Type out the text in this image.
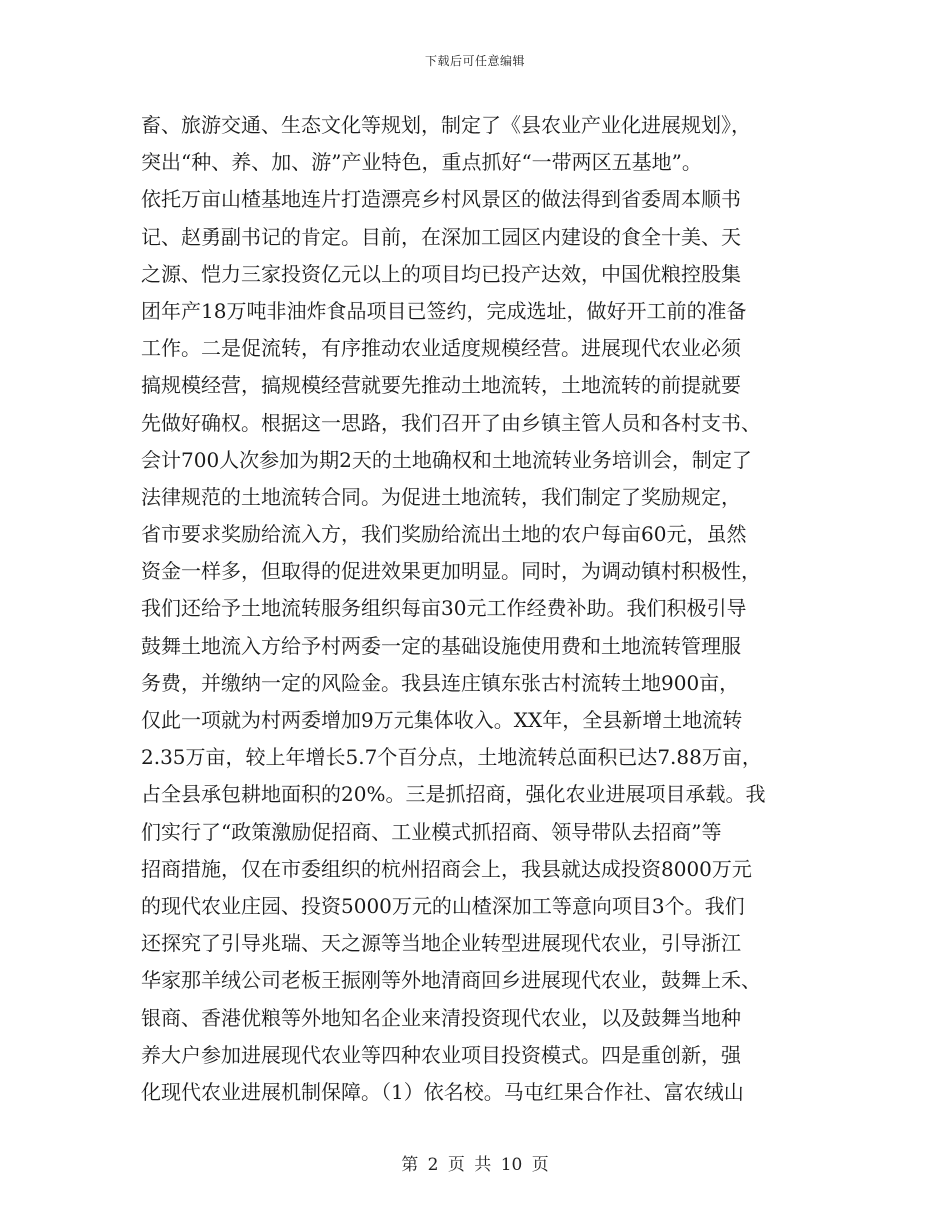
下载后可任意编辑
畜、旅游交通、生态文化等规划，制定了《县农业产业化进展规划》，
突出“种、养、加、游”产业特色，重点抓好“一带两区五基地”。
依托万亩山楂基地连片打造漂亮乡村风景区的做法得到省委周本顺书
记、赵勇副书记的肯定。目前，在深加工园区内建设的食全十美、天
之源、恺力三家投资亿元以上的项目均已投产达效，中国优粮控股集
团年产18万吨非油炸食品项目已签约，完成选址，做好开工前的准备
工作。二是促流转，有序推动农业适度规模经营。进展现代农业必须
搞规模经营，搞规模经营就要先推动土地流转，土地流转的前提就要
先做好确权。根据这一思路，我们召开了由乡镇主管人员和各村支书、
会计700人次参加为期2天的土地确权和土地流转业务培训会，制定了
法律规范的土地流转合同。为促进土地流转，我们制定了奖励规定，
省市要求奖励给流入方，我们奖励给流出土地的农户每亩60元，虽然
资金一样多，但取得的促进效果更加明显。同时，为调动镇村积极性，
我们还给予土地流转服务组织每亩30元工作经费补助。我们积极引导
鼓舞土地流入方给予村两委一定的基础设施使用费和土地流转管理服
务费，并缴纳一定的风险金。我县连庄镇东张古村流转土地900亩，
仅此一项就为村两委增加9万元集体收入。XX年，全县新增土地流转
2.35万亩，较上年增长5.7个百分点，土地流转总面积已达7.88万亩，
占全县承包耕地面积的20%。三是抓招商，强化农业进展项目承载。我
们实行了“政策激励促招商、工业模式抓招商、领导带队去招商”等
招商措施，仅在市委组织的杭州招商会上，我县就达成投资8000万元
的现代农业庄园、投资5000万元的山楂深加工等意向项目3个。我们
还探究了引导兆瑞、天之源等当地企业转型进展现代农业，引导浙江
华家那羊绒公司老板王振刚等外地清商回乡进展现代农业，鼓舞上禾、
银商、香港优粮等外地知名企业来清投资现代农业，以及鼓舞当地种
养大户参加进展现代农业等四种农业项目投资模式。四是重创新，强
化现代农业进展机制保障。（1）依名校。马屯红果合作社、富农绒山
第 2 页 共 10 页
